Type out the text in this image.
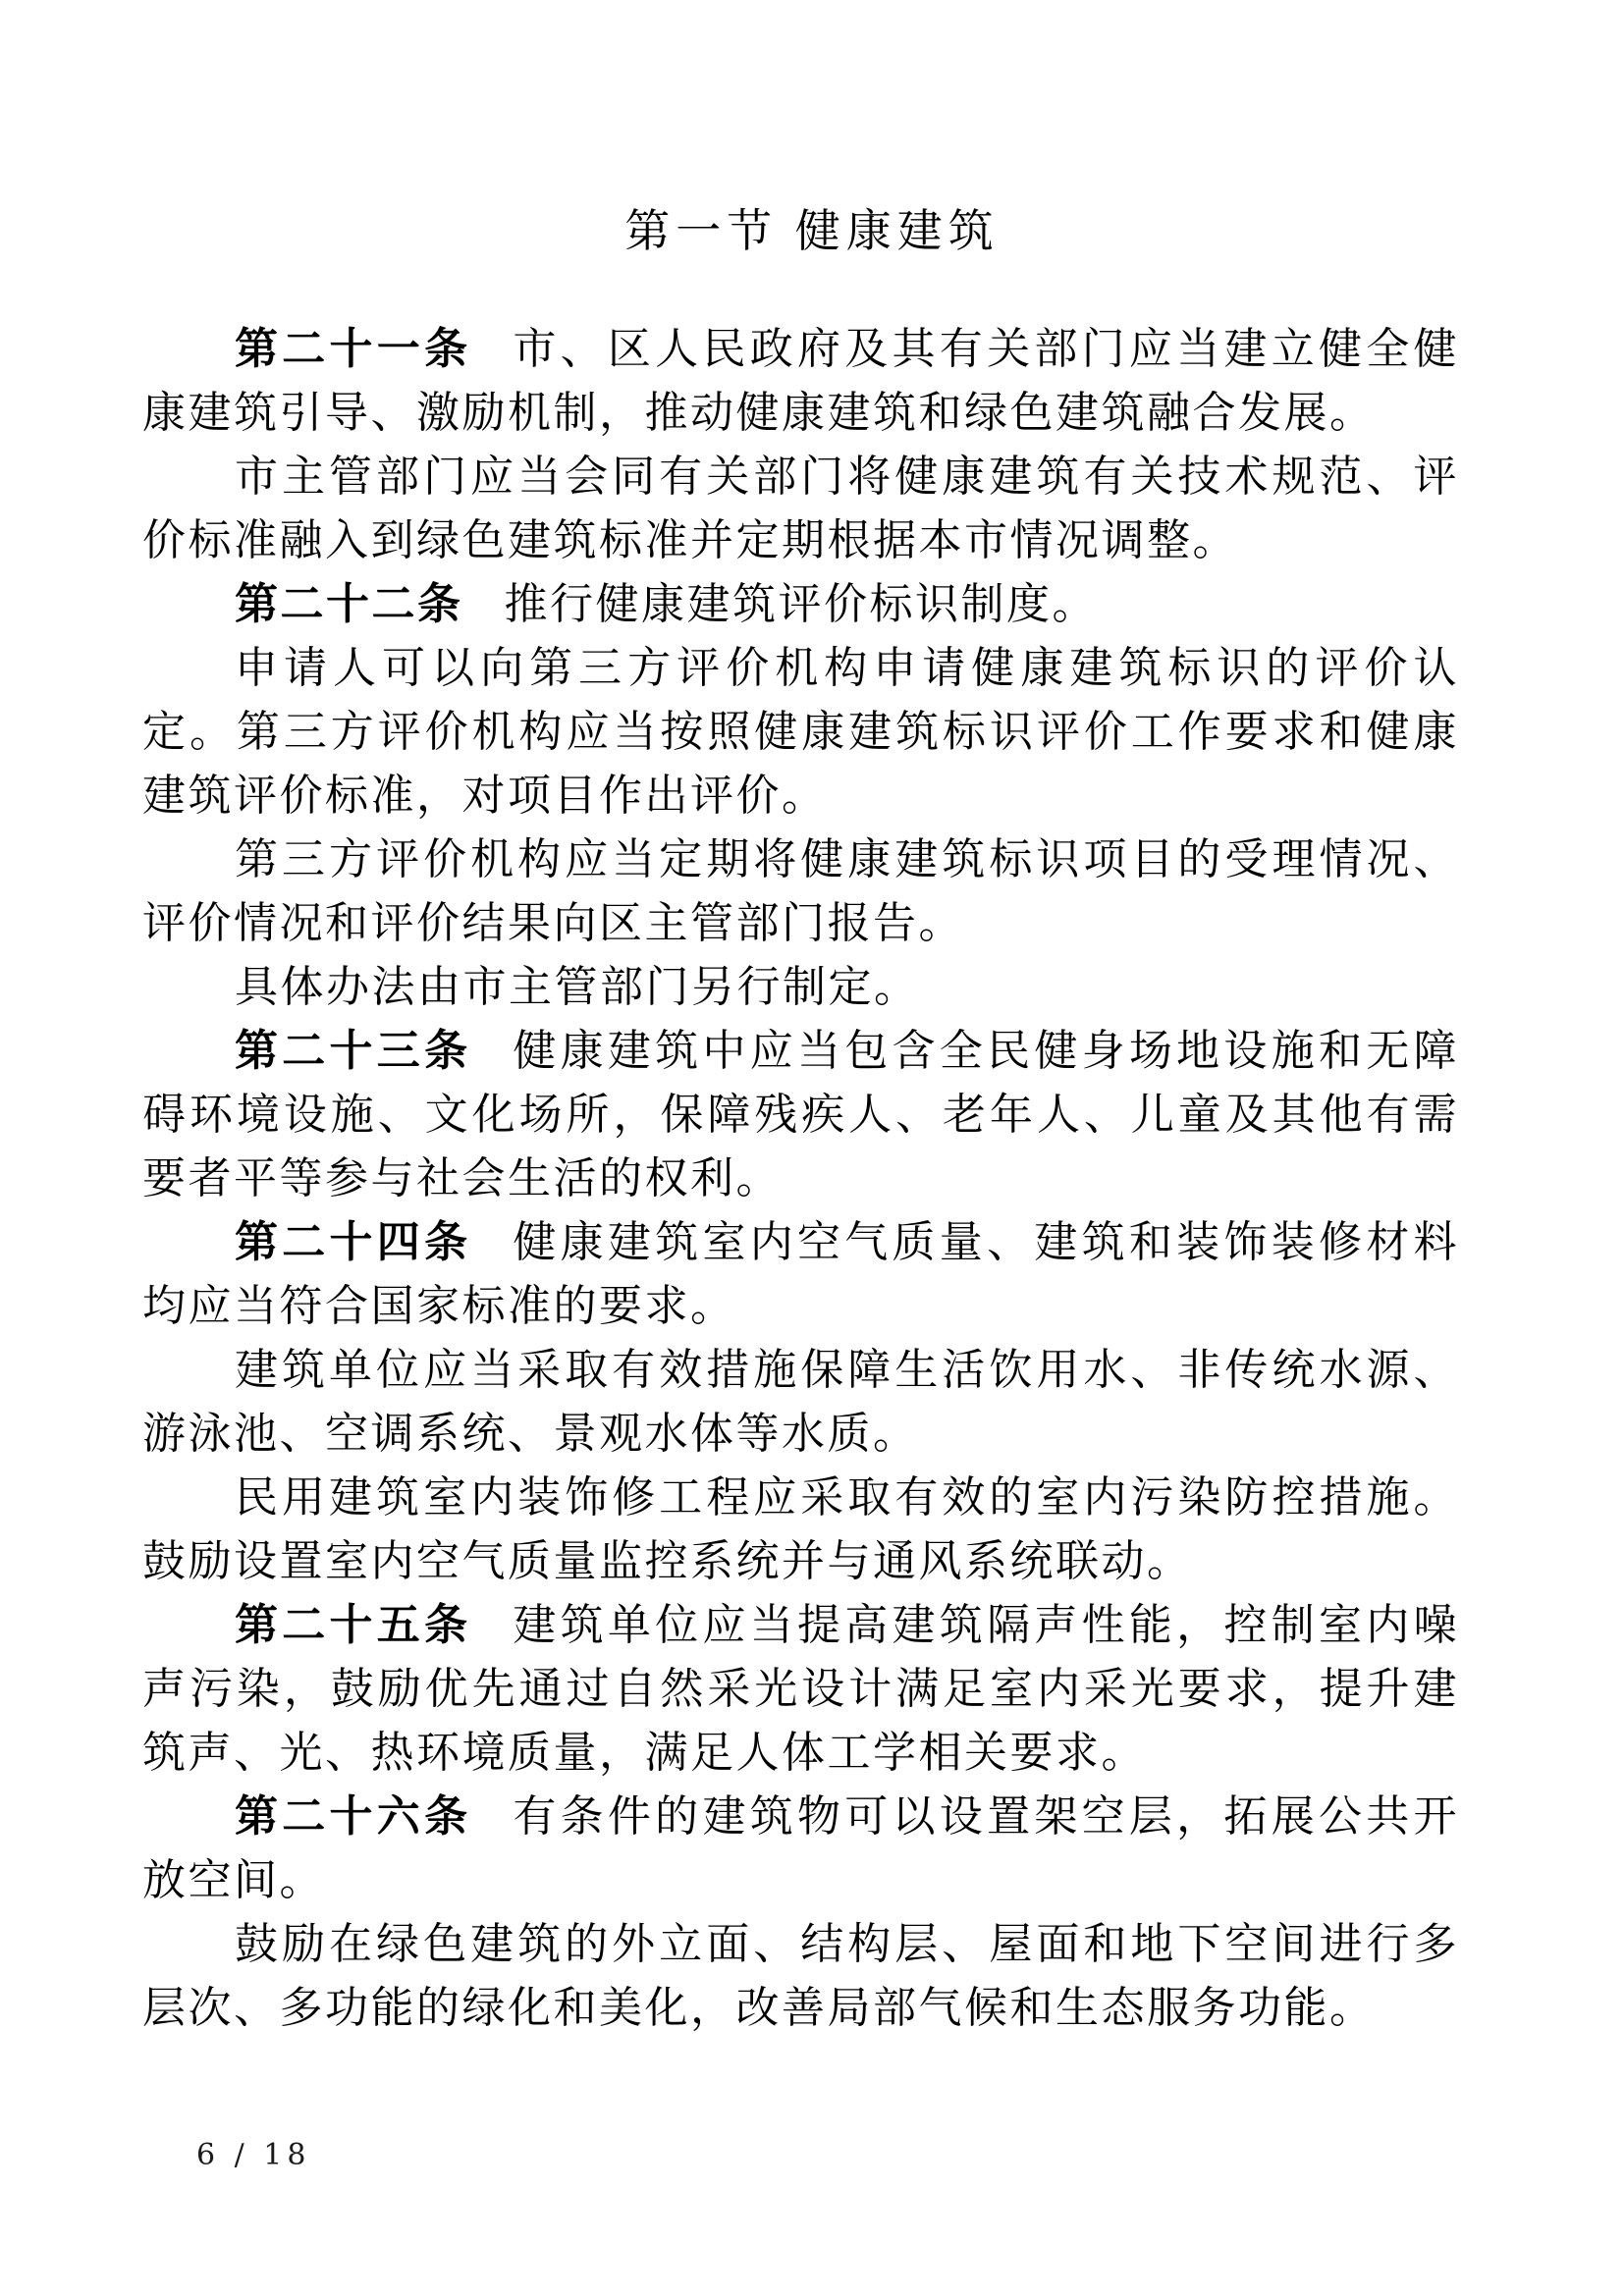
第一节 健康建筑

第二十一条 市、区人民政府及其有关部门应当建立健全健康建筑引导、激励机制，推动健康建筑和绿色建筑融合发展。

市主管部门应当会同有关部门将健康建筑有关技术规范、评价标准融入到绿色建筑标准并定期根据本市情况调整。

第二十二条 推行健康建筑评价标识制度。

申请人可以向第三方评价机构申请健康建筑标识的评价认定。第三方评价机构应当按照健康建筑标识评价工作要求和健康建筑评价标准，对项目作出评价。

第三方评价机构应当定期将健康建筑标识项目的受理情况、评价情况和评价结果向区主管部门报告。

具体办法由市主管部门另行制定。

第二十三条 健康建筑中应当包含全民健身场地设施和无障碍环境设施、文化场所，保障残疾人、老年人、儿童及其他有需要者平等参与社会生活的权利。

第二十四条 健康建筑室内空气质量、建筑和装饰装修材料均应当符合国家标准的要求。

建筑单位应当采取有效措施保障生活饮用水、非传统水源、游泳池、空调系统、景观水体等水质。

民用建筑室内装饰修工程应采取有效的室内污染防控措施。鼓励设置室内空气质量监控系统并与通风系统联动。

第二十五条 建筑单位应当提高建筑隔声性能，控制室内噪声污染，鼓励优先通过自然采光设计满足室内采光要求，提升建筑声、光、热环境质量，满足人体工学相关要求。

第二十六条 有条件的建筑物可以设置架空层，拓展公共开放空间。

鼓励在绿色建筑的外立面、结构层、屋面和地下空间进行多层次、多功能的绿化和美化，改善局部气候和生态服务功能。

6 / 18
